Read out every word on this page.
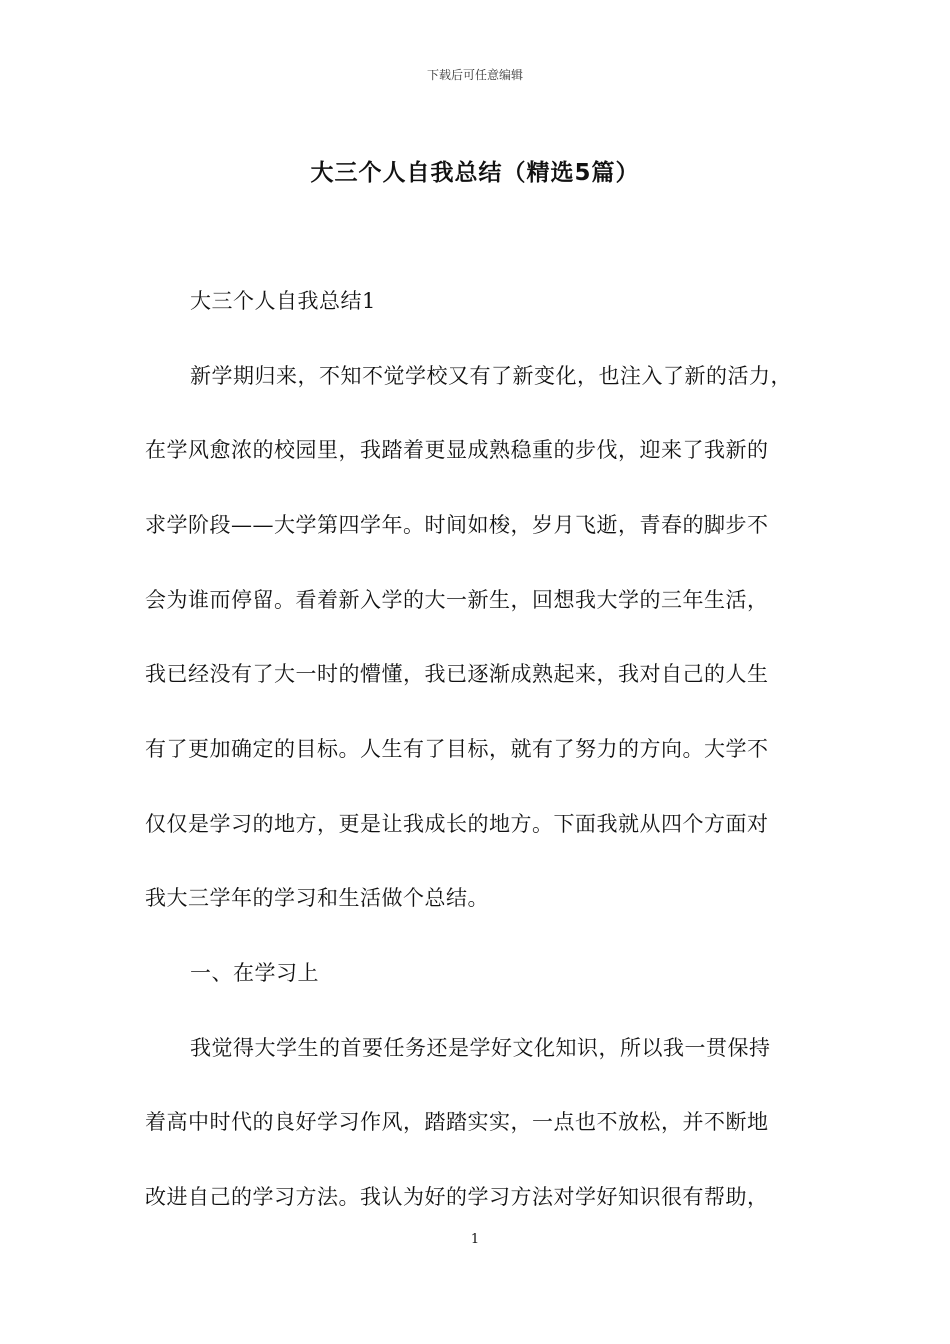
下载后可任意编辑
大三个人自我总结（精选5篇）
大三个人自我总结1
新学期归来，不知不觉学校又有了新变化，也注入了新的活力，
在学风愈浓的校园里，我踏着更显成熟稳重的步伐，迎来了我新的
求学阶段——大学第四学年。时间如梭，岁月飞逝，青春的脚步不
会为谁而停留。看着新入学的大一新生，回想我大学的三年生活，
我已经没有了大一时的懵懂，我已逐渐成熟起来，我对自己的人生
有了更加确定的目标。人生有了目标，就有了努力的方向。大学不
仅仅是学习的地方，更是让我成长的地方。下面我就从四个方面对
我大三学年的学习和生活做个总结。
一、在学习上
我觉得大学生的首要任务还是学好文化知识，所以我一贯保持
着高中时代的良好学习作风，踏踏实实，一点也不放松，并不断地
改进自己的学习方法。我认为好的学习方法对学好知识很有帮助，
1
